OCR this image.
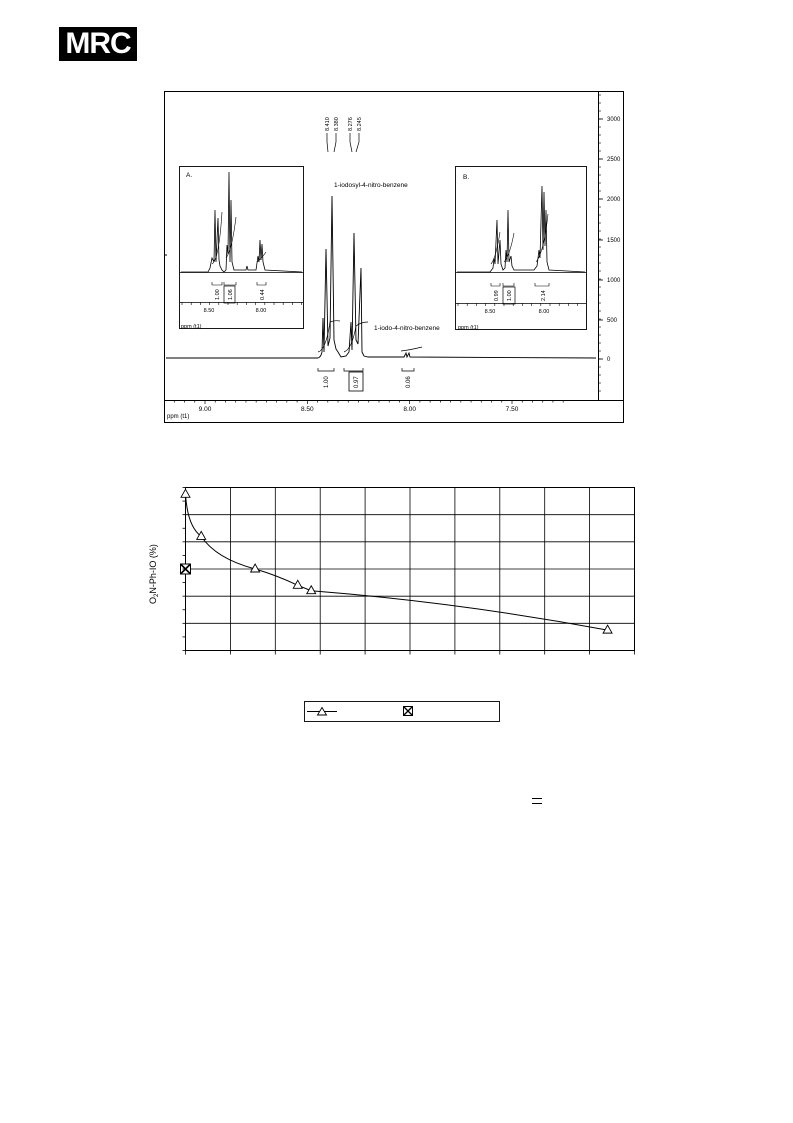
MRC
3000
2500
2000
1500
1000
500
0
9.00	8.50	8.00	7.50
ppm (t1)
8.410 8.380 8.276 8.245
1-iodosyl-4-nitro-benzene
1-iodo-4-nitro-benzene
1.00	0.97	0.06
A.
1.00 1.06	0.44
8.50	8.00
ppm (t1)
B.
0.99 1.00	2.14
8.50	8.00
ppm (t1)
$O_2N-Ph-IO$ (%)
